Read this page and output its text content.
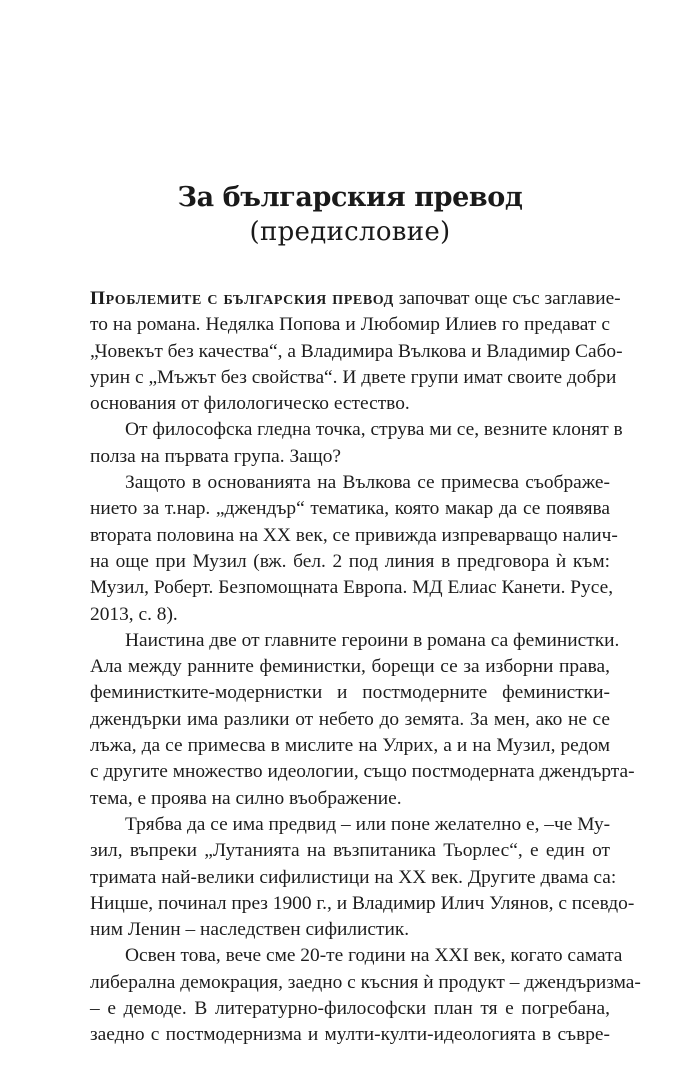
За българския превод
(предисловие)

Проблемите с българския превод започват още със заглавие-
то на романа. Недялка Попова и Любомир Илиев го предават с
„Човекът без качества“, а Владимира Вълкова и Владимир Сабо-
урин с „Мъжът без свойства“. И двете групи имат своите добри
основания от филологическо естество.

От философска гледна точка, струва ми се, везните клонят в
полза на първата група. Защо?

Защото в основанията на Вълкова се примесва съображе-
нието за т.нар. „джендър“ тематика, която макар да се появява
втората половина на ХХ век, се привижда изпреварващо налич-
на още при Музил (вж. бел. 2 под линия в предговора ѝ към:
Музил, Роберт. Безпомощната Европа. МД Елиас Канети. Русе,
2013, с. 8).

Наистина две от главните героини в романа са феминистки.
Ала между ранните феминистки, борещи се за изборни права,
феминистките-модернистки и постмодерните феминистки-
джендърки има разлики от небето до земята. За мен, ако не се
лъжа, да се примесва в мислите на Улрих, а и на Музил, редом
с другите множество идеологии, също постмодерната джендърта-
тема, е проява на силно въображение.

Трябва да се има предвид – или поне желателно е, –че Му-
зил, въпреки „Лутанията на възпитаника Тьорлес“, е един от
тримата най-велики сифилистици на ХХ век. Другите двама са:
Ницше, починал през 1900 г., и Владимир Илич Улянов, с псевдо-
ним Ленин – наследствен сифилистик.

Освен това, вече сме 20-те години на ХХI век, когато самата
либерална демокрация, заедно с късния ѝ продукт – джендъризма-
– е демоде. В литературно-философски план тя е погребана,
заедно с постмодернизма и мулти-култи-идеологията в съвре-
